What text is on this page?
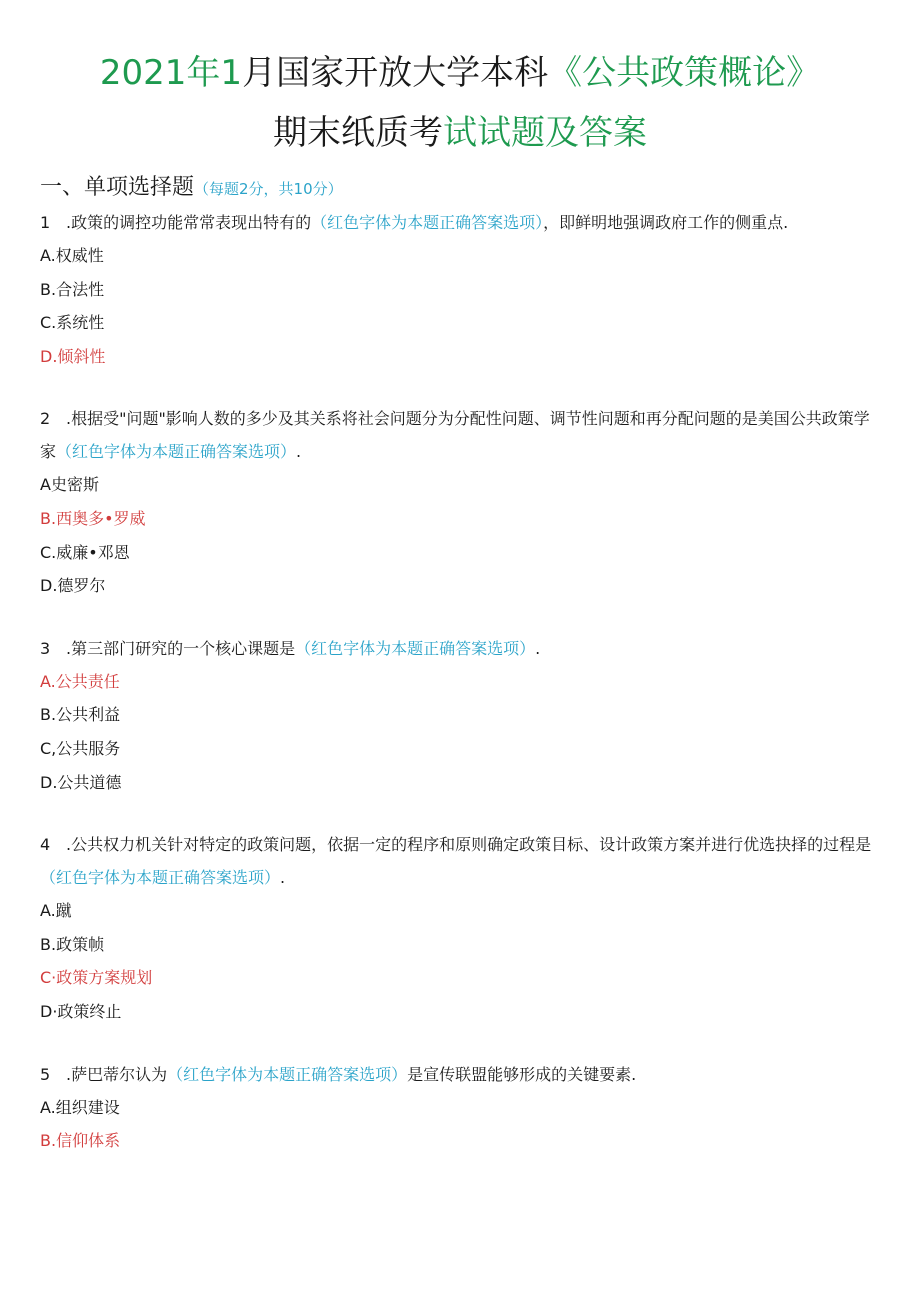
2021年1月国家开放大学本科《公共政策概论》
期末纸质考试试题及答案
一、单项选择题（每题2分，共10分）

1 .政策的调控功能常常表现出特有的（红色字体为本题正确答案选项），即鲜明地强调政府工作的侧重点.

A.权威性

B.合法性

C.系统性

D.倾斜性

2 .根据受"问题"影响人数的多少及其关系将社会问题分为分配性问题、调节性问题和再分配问题的是美国公共政策学家（红色字体为本题正确答案选项）.

A史密斯

B.西奥多•罗威

C.威廉•邓恩

D.德罗尔

3 .第三部门研究的一个核心课题是（红色字体为本题正确答案选项）.

A.公共责任

B.公共利益

C,公共服务

D.公共道德

4 .公共权力机关针对特定的政策问题，依据一定的程序和原则确定政策目标、设计政策方案并进行优选抉择的过程是（红色字体为本题正确答案选项）.

A.蹴

B.政策帧

C·政策方案规划

D·政策终止

5 .萨巴蒂尔认为（红色字体为本题正确答案选项）是宣传联盟能够形成的关键要素.

A.组织建设

B.信仰体系
